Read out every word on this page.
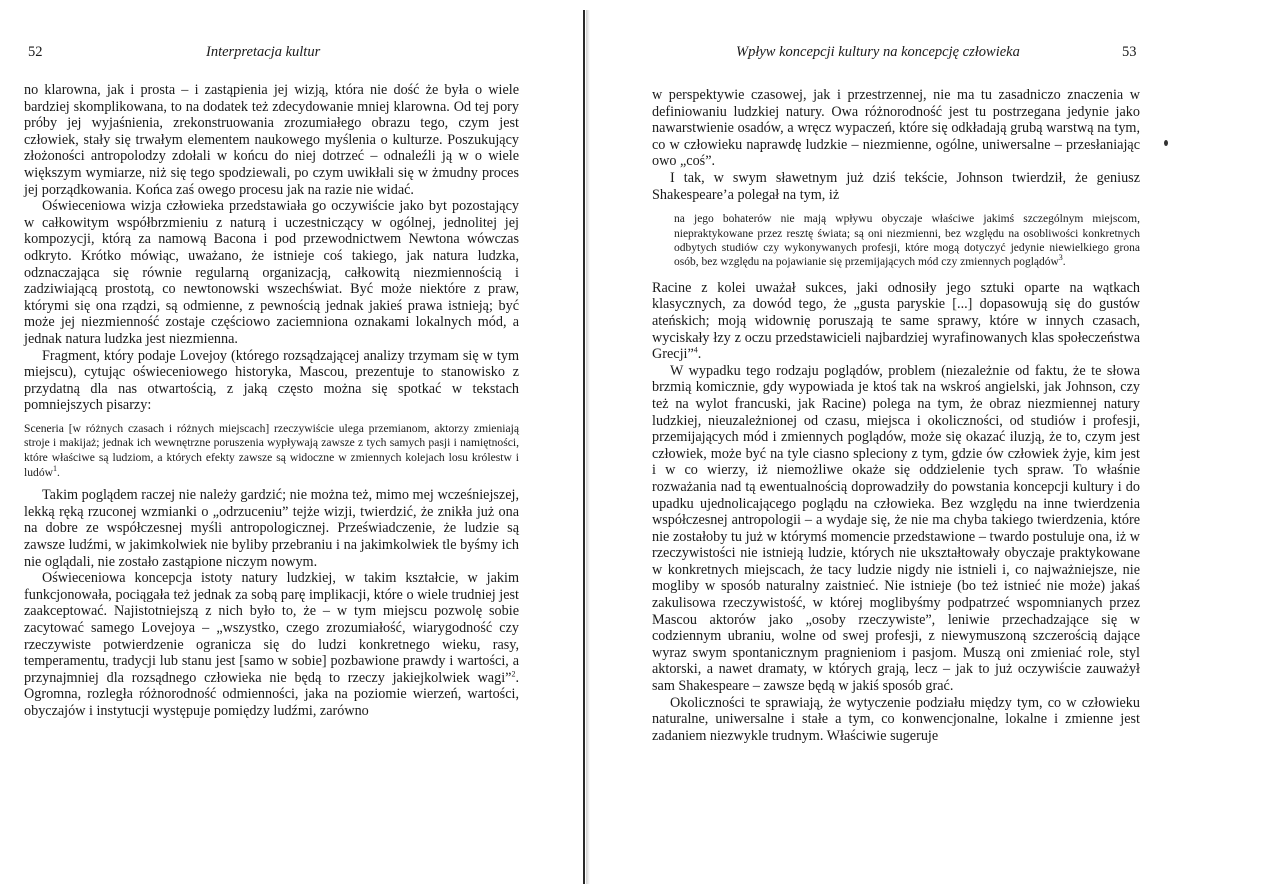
52	Interpretacja kultur

no klarowna, jak i prosta – i zastąpienia jej wizją, która nie dość że była o wiele bardziej skomplikowana, to na dodatek też zdecydowanie mniej klarowna. Od tej pory próby jej wyjaśnienia, zrekonstruowania zrozumiałego obrazu tego, czym jest człowiek, stały się trwałym elementem naukowego myślenia o kulturze. Poszukujący złożoności antropolodzy zdołali w końcu do niej dotrzeć – odnaleźli ją w o wiele większym wymiarze, niż się tego spodziewali, po czym uwikłali się w żmudny proces jej porządkowania. Końca zaś owego procesu jak na razie nie widać.

Oświeceniowa wizja człowieka przedstawiała go oczywiście jako byt pozostający w całkowitym współbrzmieniu z naturą i uczestniczący w ogólnej, jednolitej jej kompozycji, którą za namową Bacona i pod przewodnictwem Newtona wówczas odkryto. Krótko mówiąc, uważano, że istnieje coś takiego, jak natura ludzka, odznaczająca się równie regularną organizacją, całkowitą niezmiennością i zadziwiającą prostotą, co newtonowski wszechświat. Być może niektóre z praw, którymi się ona rządzi, są odmienne, z pewnością jednak jakieś prawa istnieją; być może jej niezmienność zostaje częściowo zaciemniona oznakami lokalnych mód, a jednak natura ludzka jest niezmienna.

Fragment, który podaje Lovejoy (którego rozsądzającej analizy trzymam się w tym miejscu), cytując oświeceniowego historyka, Mascou, prezentuje to stanowisko z przydatną dla nas otwartością, z jaką często można się spotkać w tekstach pomniejszych pisarzy:

Sceneria [w różnych czasach i różnych miejscach] rzeczywiście ulega przemianom, aktorzy zmieniają stroje i makijaż; jednak ich wewnętrzne poruszenia wypływają zawsze z tych samych pasji i namiętności, które właściwe są ludziom, a których efekty zawsze są widoczne w zmiennych kolejach losu królestw i ludów$^1$.

Takim poglądem raczej nie należy gardzić; nie można też, mimo mej wcześniejszej, lekką ręką rzuconej wzmianki o „odrzuceniu” tejże wizji, twierdzić, że znikła już ona na dobre ze współczesnej myśli antropologicznej. Przeświadczenie, że ludzie są zawsze ludźmi, w jakimkolwiek nie byliby przebraniu i na jakimkolwiek tle byśmy ich nie oglądali, nie zostało zastąpione niczym nowym.

Oświeceniowa koncepcja istoty natury ludzkiej, w takim kształcie, w jakim funkcjonowała, pociągała też jednak za sobą parę implikacji, które o wiele trudniej jest zaakceptować. Najistotniejszą z nich było to, że – w tym miejscu pozwolę sobie zacytować samego Lovejoya – „wszystko, czego zrozumiałość, wiarygodność czy rzeczywiste potwierdzenie ogranicza się do ludzi konkretnego wieku, rasy, temperamentu, tradycji lub stanu jest [samo w sobie] pozbawione prawdy i wartości, a przynajmniej dla rozsądnego człowieka nie będą to rzeczy jakiejkolwiek wagi”$^2$. Ogromna, rozległa różnorodność odmienności, jaka na poziomie wierzeń, wartości, obyczajów i instytucji występuje pomiędzy ludźmi, zarówno

Wpływ koncepcji kultury na koncepcję człowieka	53

w perspektywie czasowej, jak i przestrzennej, nie ma tu zasadniczo znaczenia w definiowaniu ludzkiej natury. Owa różnorodność jest tu postrzegana jedynie jako nawarstwienie osadów, a wręcz wypaczeń, które się odkładają grubą warstwą na tym, co w człowieku naprawdę ludzkie – niezmienne, ogólne, uniwersalne – przesłaniając owo „coś”.

I tak, w swym sławetnym już dziś tekście, Johnson twierdził, że geniusz Shakespeare’a polegał na tym, iż

na jego bohaterów nie mają wpływu obyczaje właściwe jakimś szczególnym miejscom, niepraktykowane przez resztę świata; są oni niezmienni, bez względu na osobliwości konkretnych odbytych studiów czy wykonywanych profesji, które mogą dotyczyć jedynie niewielkiego grona osób, bez względu na pojawianie się przemijających mód czy zmiennych poglądów$^3$.

Racine z kolei uważał sukces, jaki odnosiły jego sztuki oparte na wątkach klasycznych, za dowód tego, że „gusta paryskie [...] dopasowują się do gustów ateńskich; moją widownię poruszają te same sprawy, które w innych czasach, wyciskały łzy z oczu przedstawicieli najbardziej wyrafinowanych klas społeczeństwa Grecji”$^4$.

W wypadku tego rodzaju poglądów, problem (niezależnie od faktu, że te słowa brzmią komicznie, gdy wypowiada je ktoś tak na wskroś angielski, jak Johnson, czy też na wylot francuski, jak Racine) polega na tym, że obraz niezmiennej natury ludzkiej, nieuzależnionej od czasu, miejsca i okoliczności, od studiów i profesji, przemijających mód i zmiennych poglądów, może się okazać iluzją, że to, czym jest człowiek, może być na tyle ciasno spleciony z tym, gdzie ów człowiek żyje, kim jest i w co wierzy, iż niemożliwe okaże się oddzielenie tych spraw. To właśnie rozważania nad tą ewentualnością doprowadziły do powstania koncepcji kultury i do upadku ujednolicającego poglądu na człowieka. Bez względu na inne twierdzenia współczesnej antropologii – a wydaje się, że nie ma chyba takiego twierdzenia, które nie zostałoby tu już w którymś momencie przedstawione – twardo postuluje ona, iż w rzeczywistości nie istnieją ludzie, których nie ukształtowały obyczaje praktykowane w konkretnych miejscach, że tacy ludzie nigdy nie istnieli i, co najważniejsze, nie mogliby w sposób naturalny zaistnieć. Nie istnieje (bo też istnieć nie może) jakaś zakulisowa rzeczywistość, w której moglibyśmy podpatrzeć wspomnianych przez Mascou aktorów jako „osoby rzeczywiste”, leniwie przechadzające się w codziennym ubraniu, wolne od swej profesji, z niewymuszoną szczerością dające wyraz swym spontanicznym pragnieniom i pasjom. Muszą oni zmieniać role, styl aktorski, a nawet dramaty, w których grają, lecz – jak to już oczywiście zauważył sam Shakespeare – zawsze będą w jakiś sposób grać.

Okoliczności te sprawiają, że wytyczenie podziału między tym, co w człowieku naturalne, uniwersalne i stałe a tym, co konwencjonalne, lokalne i zmienne jest zadaniem niezwykle trudnym. Właściwie sugeruje
